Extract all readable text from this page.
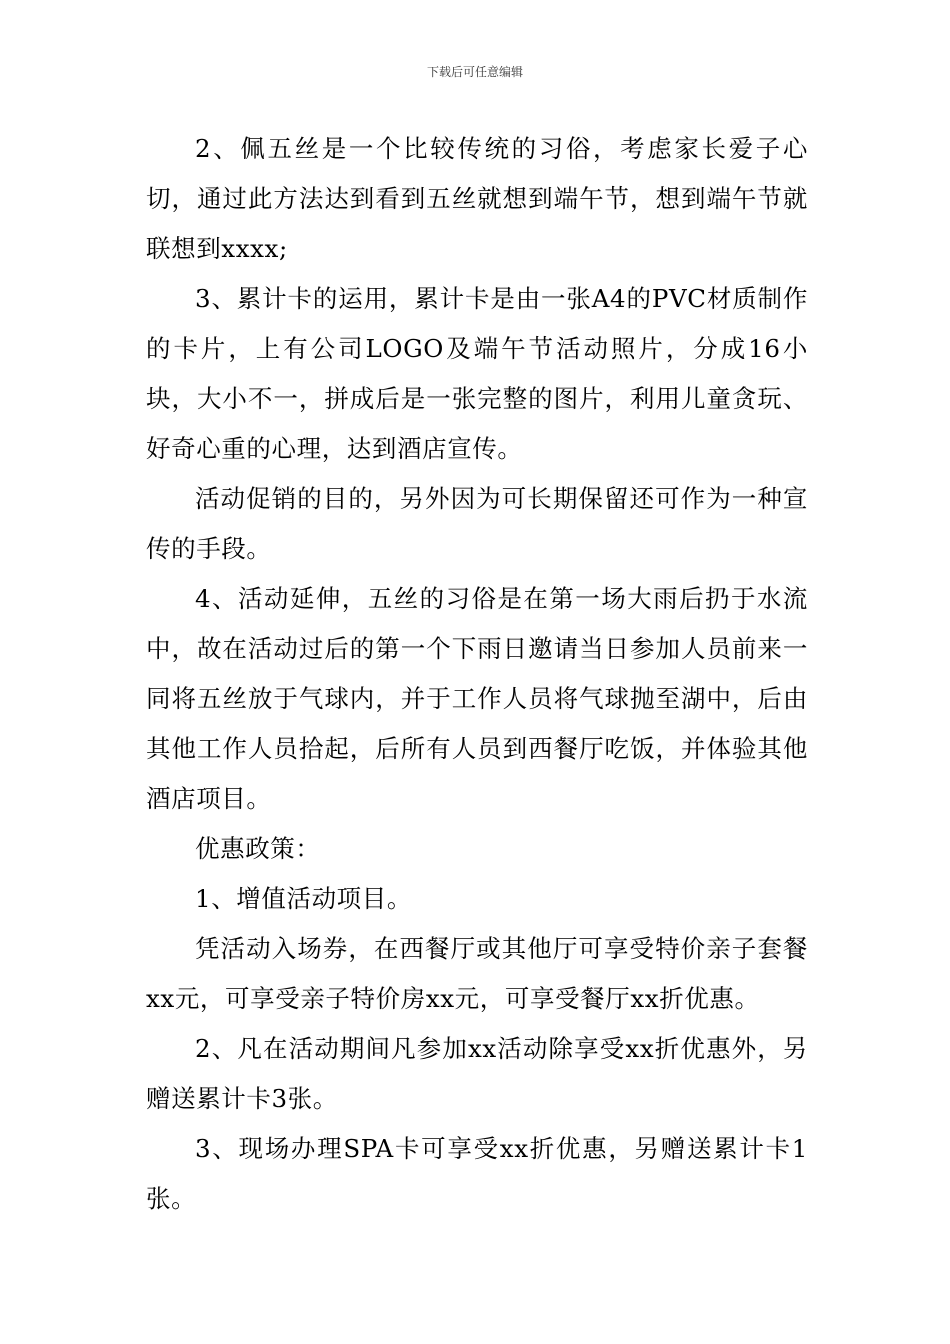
下载后可任意编辑

2、佩五丝是一个比较传统的习俗，考虑家长爱子心切，通过此方法达到看到五丝就想到端午节，想到端午节就联想到xxxx;

3、累计卡的运用，累计卡是由一张A4的PVC材质制作的卡片，上有公司LOGO及端午节活动照片，分成16小块，大小不一，拼成后是一张完整的图片，利用儿童贪玩、好奇心重的心理，达到酒店宣传。

活动促销的目的，另外因为可长期保留还可作为一种宣传的手段。

4、活动延伸，五丝的习俗是在第一场大雨后扔于水流中，故在活动过后的第一个下雨日邀请当日参加人员前来一同将五丝放于气球内，并于工作人员将气球抛至湖中，后由其他工作人员拾起，后所有人员到西餐厅吃饭，并体验其他酒店项目。

优惠政策：

1、增值活动项目。

凭活动入场券，在西餐厅或其他厅可享受特价亲子套餐xx元，可享受亲子特价房xx元，可享受餐厅xx折优惠。

2、凡在活动期间凡参加xx活动除享受xx折优惠外，另赠送累计卡3张。

3、现场办理SPA卡可享受xx折优惠，另赠送累计卡1张。
